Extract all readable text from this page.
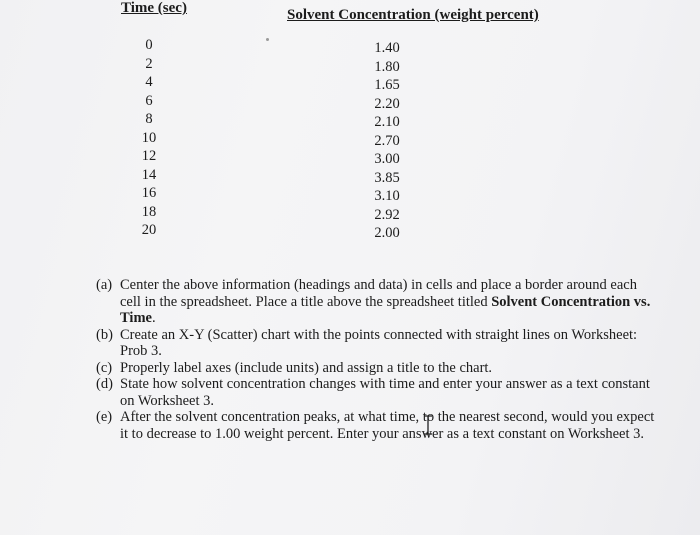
Time (sec)	Solvent Concentration (weight percent)
0
2
4
6
8
10
12
14
16
18
20
1.40
1.80
1.65
2.20
2.10
2.70
3.00
3.85
3.10
2.92
2.00

(a) Center the above information (headings and data) in cells and place a border around each cell in the spreadsheet. Place a title above the spreadsheet titled Solvent Concentration vs. Time.

(b) Create an X-Y (Scatter) chart with the points connected with straight lines on Worksheet: Prob 3.

(c) Properly label axes (include units) and assign a title to the chart.

(d) State how solvent concentration changes with time and enter your answer as a text constant on Worksheet 3.

(e) After the solvent concentration peaks, at what time, to the nearest second, would you expect it to decrease to 1.00 weight percent. Enter your answer as a text constant on Worksheet 3.
